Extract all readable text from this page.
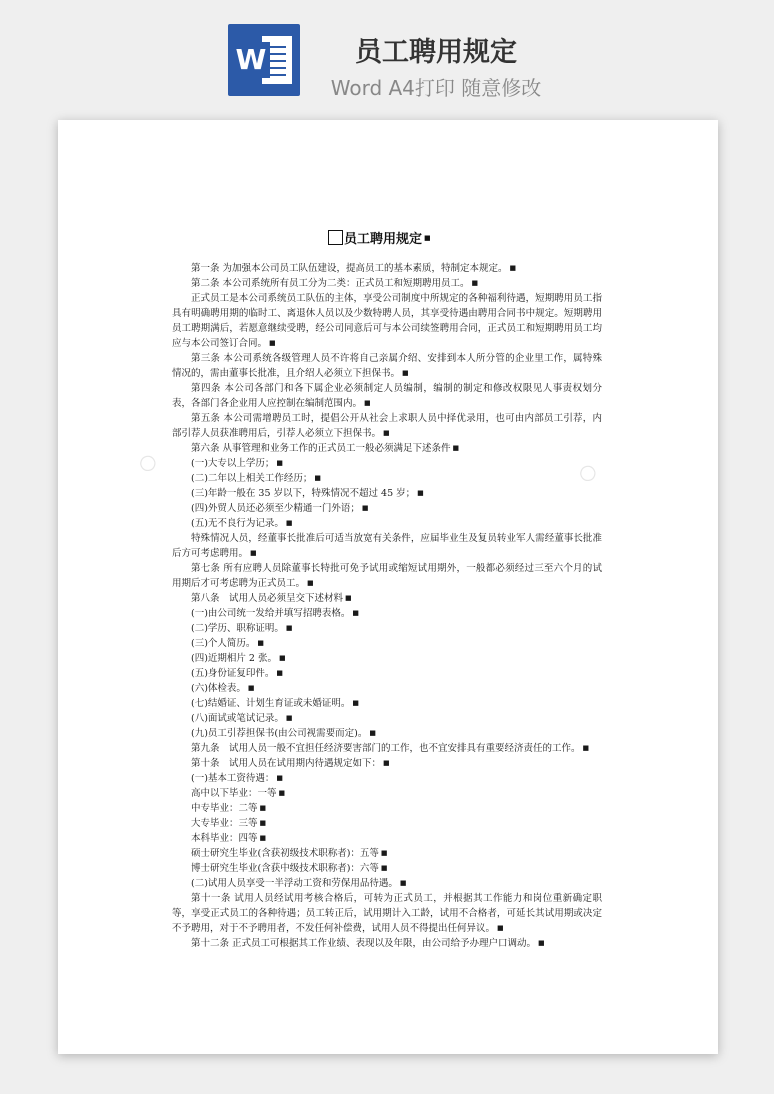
W	员工聘用规定
Word A4打印 随意修改
○	○
员工聘用规定 ■

第一条 为加强本公司员工队伍建设，提高员工的基本素质，特制定本规定。 ■

第二条 本公司系统所有员工分为二类：正式员工和短期聘用员工。 ■

正式员工是本公司系统员工队伍的主体，享受公司制度中所规定的各种福利待遇，短期聘用员工指具有明确聘用期的临时工、离退休人员以及少数特聘人员，其享受待遇由聘用合同书中规定。短期聘用员工聘期满后，若愿意继续受聘，经公司同意后可与本公司续签聘用合同，正式员工和短期聘用员工均应与本公司签订合同。 ■

第三条 本公司系统各级管理人员不许将自己亲属介绍、安排到本人所分管的企业里工作，属特殊情况的，需由董事长批准，且介绍人必须立下担保书。 ■

第四条 本公司各部门和各下属企业必须制定人员编制，编制的制定和修改权限见人事责权划分表，各部门各企业用人应控制在编制范围内。 ■

第五条 本公司需增聘员工时，提倡公开从社会上求职人员中择优录用，也可由内部员工引荐，内部引荐人员获准聘用后，引荐人必须立下担保书。 ■

第六条 从事管理和业务工作的正式员工一般必须满足下述条件 ■

(一)大专以上学历； ■

(二)二年以上相关工作经历； ■

(三)年龄一般在 35 岁以下，特殊情况不超过 45 岁； ■

(四)外贸人员还必须至少精通一门外语； ■

(五)无不良行为记录。 ■

特殊情况人员，经董事长批准后可适当放宽有关条件，应届毕业生及复员转业军人需经董事长批准后方可考虑聘用。 ■

第七条 所有应聘人员除董事长特批可免予试用或缩短试用期外，一般都必须经过三至六个月的试用期后才可考虑聘为正式员工。 ■

第八条　试用人员必须呈交下述材料 ■

(一)由公司统一发给并填写招聘表格。 ■

(二)学历、职称证明。 ■

(三)个人简历。 ■

(四)近期相片 2 张。 ■

(五)身份证复印件。 ■

(六)体检表。 ■

(七)结婚证、计划生育证或未婚证明。 ■

(八)面试或笔试记录。 ■

(九)员工引荐担保书(由公司视需要而定)。 ■

第九条　试用人员一般不宜担任经济要害部门的工作，也不宜安排具有重要经济责任的工作。 ■

第十条　试用人员在试用期内待遇规定如下： ■

(一)基本工资待遇： ■

高中以下毕业：一等 ■

中专毕业：二等 ■

大专毕业：三等 ■

本科毕业：四等 ■

硕士研究生毕业(含获初级技术职称者)：五等 ■

博士研究生毕业(含获中级技术职称者)：六等 ■

(二)试用人员享受一半浮动工资和劳保用品待遇。 ■

第十一条 试用人员经试用考核合格后，可转为正式员工，并根据其工作能力和岗位重新确定职等，享受正式员工的各种待遇；员工转正后，试用期计入工龄，试用不合格者，可延长其试用期或决定不予聘用，对于不予聘用者，不发任何补偿费，试用人员不得提出任何异议。 ■

第十二条 正式员工可根据其工作业绩、表现以及年限，由公司给予办理户口调动。 ■
